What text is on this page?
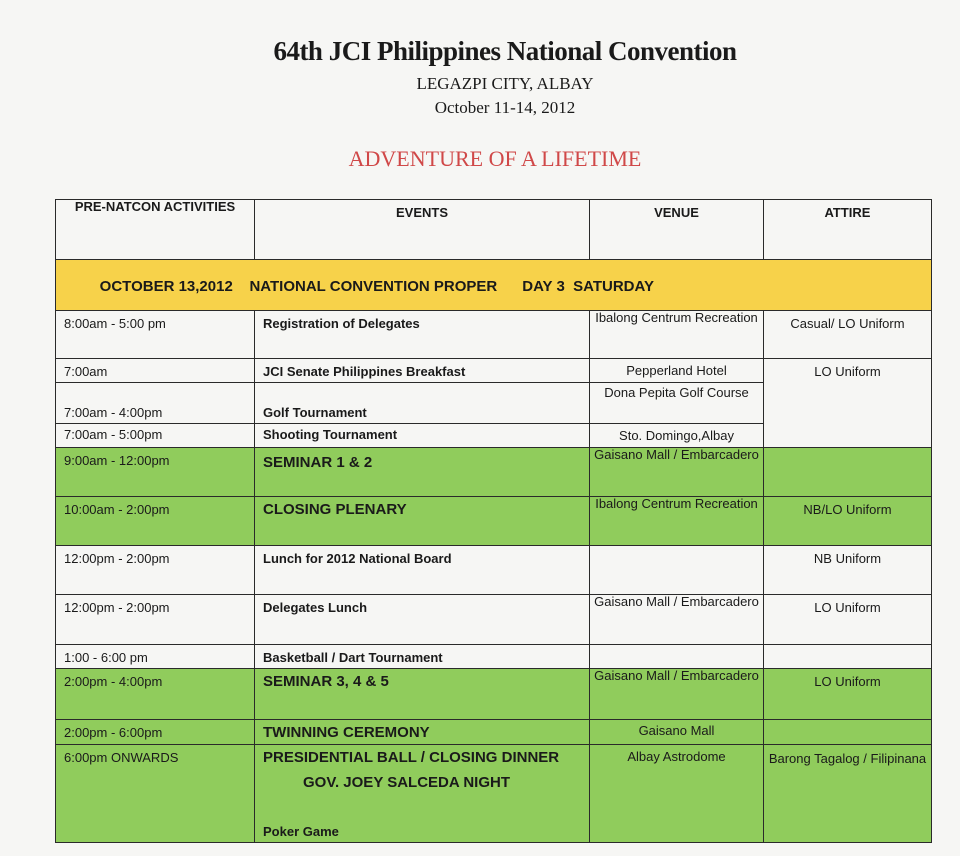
64th JCI Philippines National Convention
LEGAZPI CITY, ALBAY
October 11-14, 2012
ADVENTURE OF A LIFETIME
PRE-NATCON ACTIVITIES	EVENTS	VENUE	ATTIRE

OCTOBER 13,2012    NATIONAL CONVENTION PROPER      DAY 3  SATURDAY			

8:00am - 5:00 pm	Registration of Delegates	Ibalong Centrum Recreation	Casual/ LO Uniform
7:00am	JCI Senate Philippines Breakfast	Pepperland Hotel	LO Uniform
7:00am - 4:00pm	Golf Tournament	Dona Pepita Golf Course	
7:00am - 5:00pm	Shooting Tournament	Sto. Domingo,Albay	
9:00am - 12:00pm	SEMINAR 1 & 2	Gaisano Mall / Embarcadero	
10:00am - 2:00pm	CLOSING PLENARY	Ibalong Centrum Recreation	NB/LO Uniform
12:00pm - 2:00pm	Lunch for 2012 National Board		NB Uniform
12:00pm - 2:00pm	Delegates Lunch	Gaisano Mall / Embarcadero	LO Uniform
1:00 - 6:00 pm	Basketball / Dart Tournament		
2:00pm - 4:00pm	SEMINAR 3, 4 & 5	Gaisano Mall / Embarcadero	LO Uniform
2:00pm - 6:00pm	TWINNING CEREMONY	Gaisano Mall	
6:00pm ONWARDS	PRESIDENTIAL BALL / CLOSING DINNER
GOV. JOEY SALCEDA NIGHT
Poker Game	Albay Astrodome	Barong Tagalog / Filipinana
